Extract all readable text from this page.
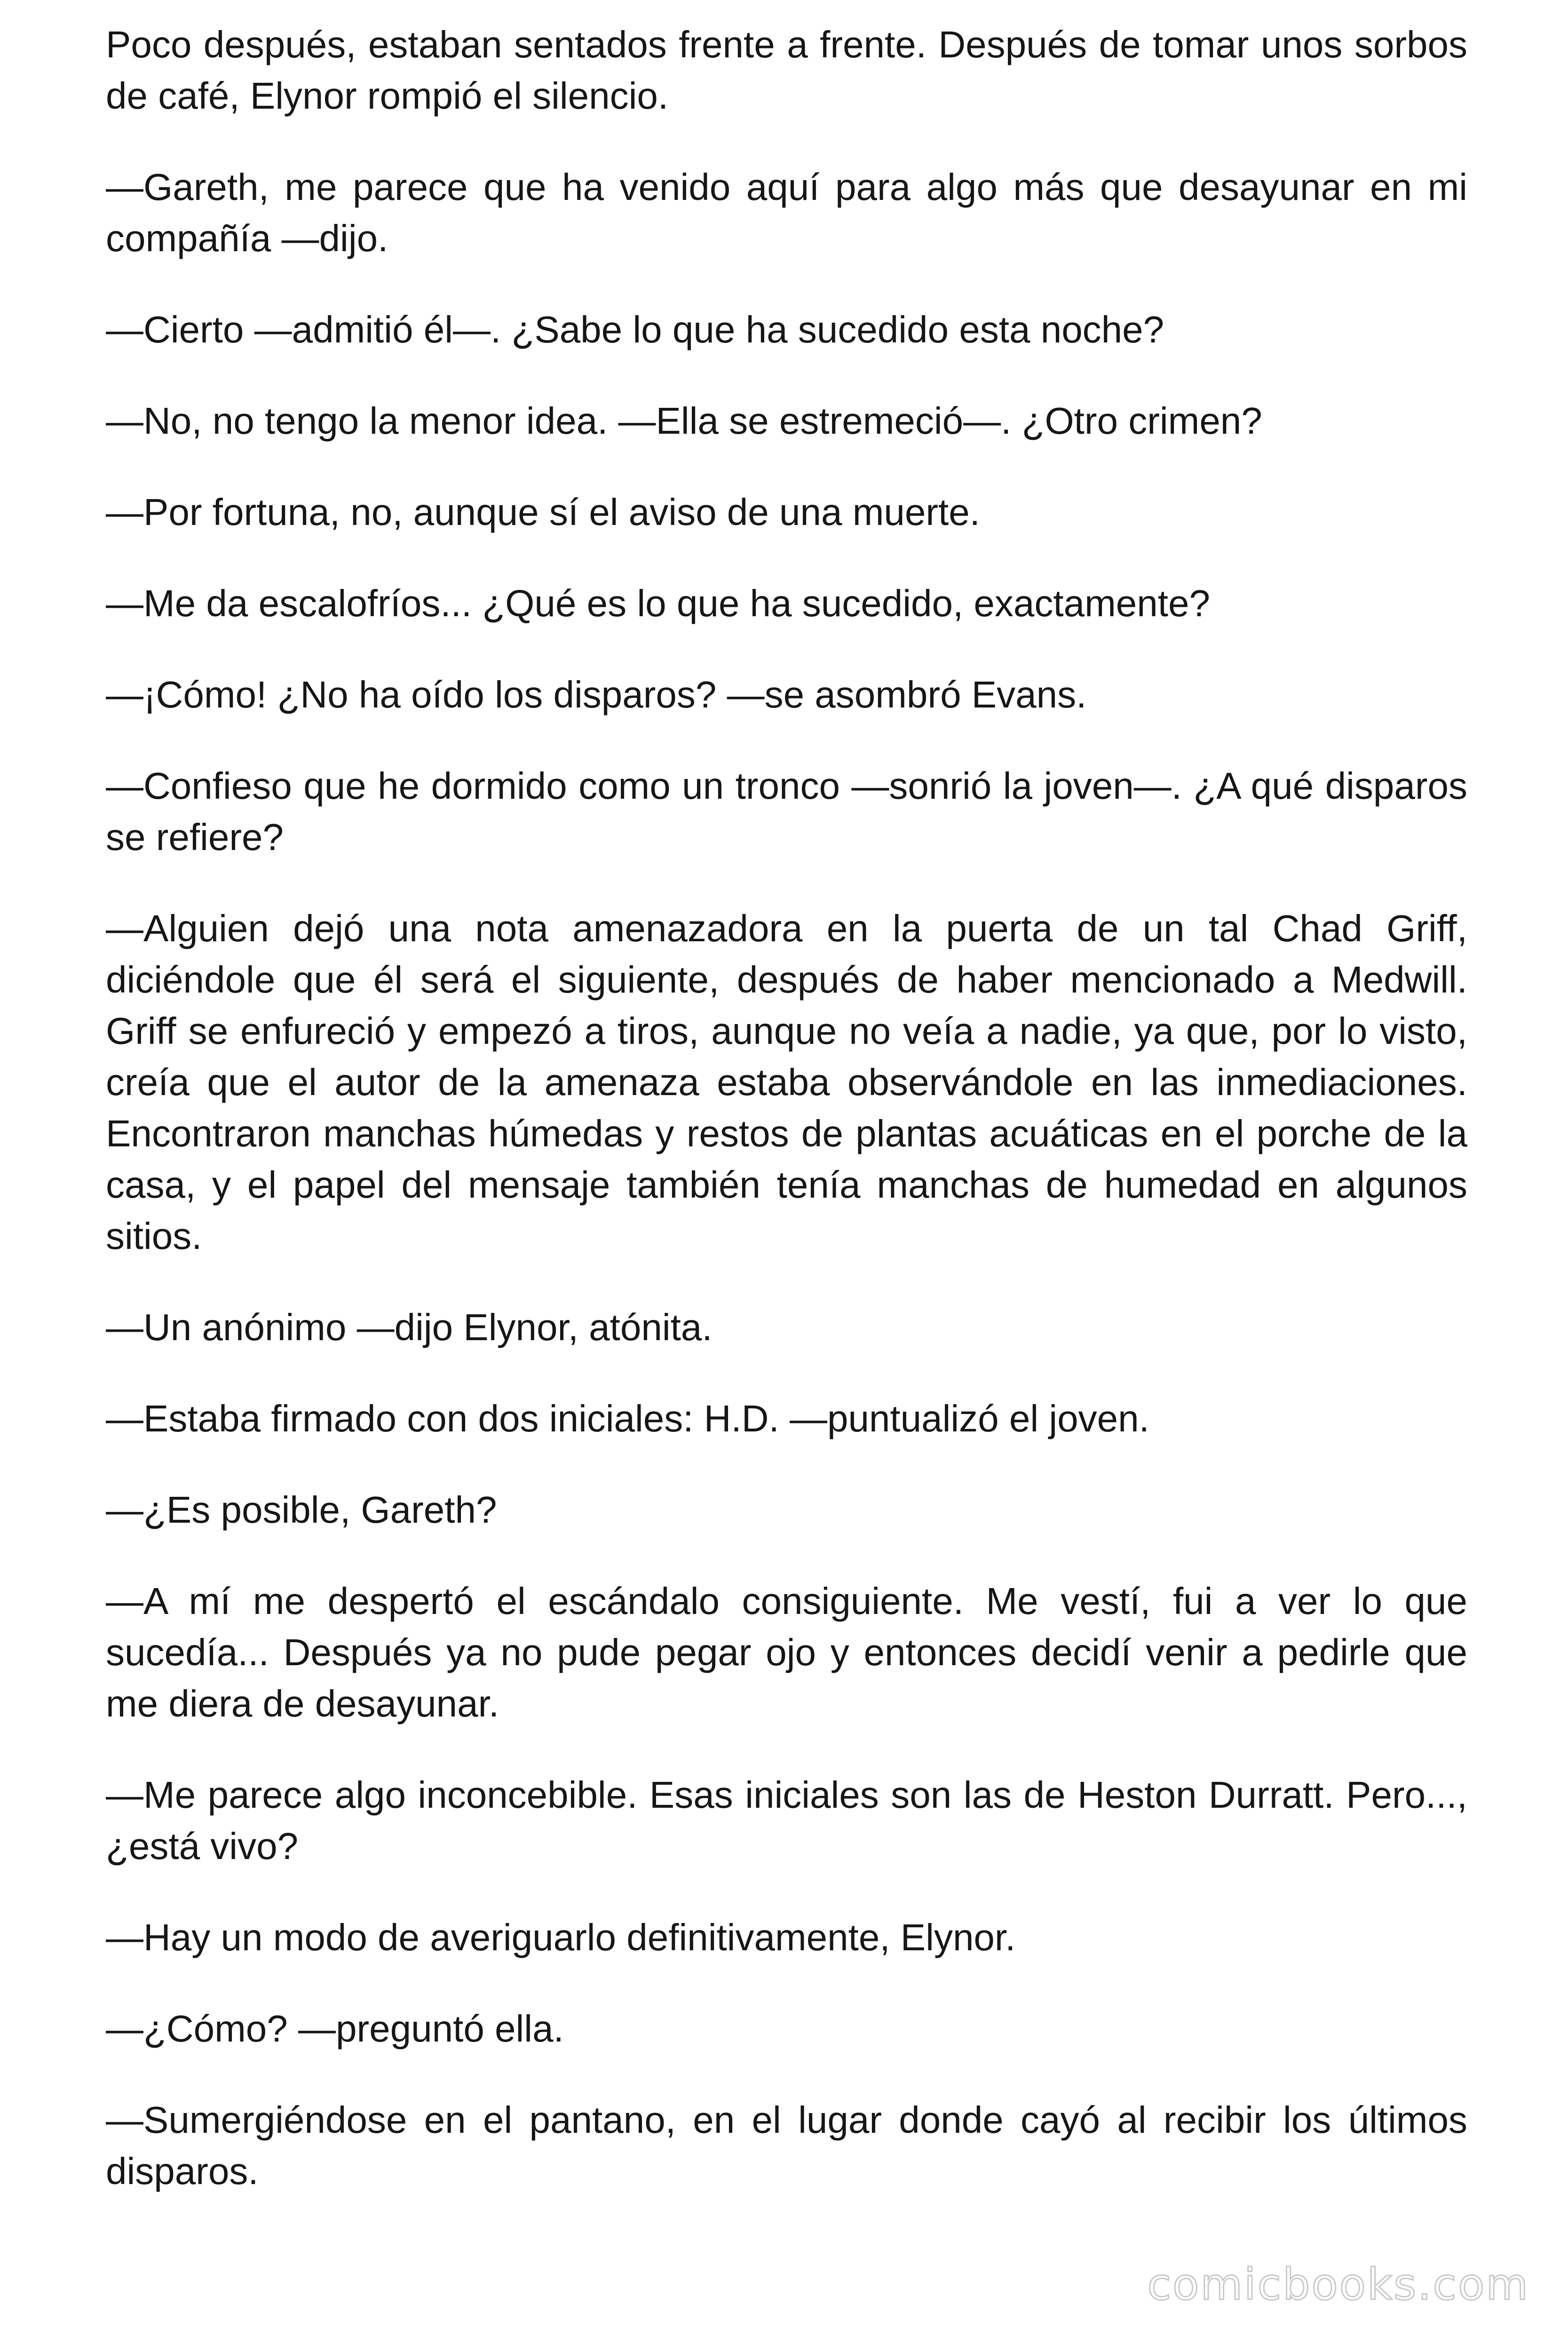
Poco después, estaban sentados frente a frente. Después de tomar unos sorbos de café, Elynor rompió el silencio.

—Gareth, me parece que ha venido aquí para algo más que desayunar en mi compañía —dijo.

—Cierto —admitió él—. ¿Sabe lo que ha sucedido esta noche?

—No, no tengo la menor idea. —Ella se estremeció—. ¿Otro crimen?

—Por fortuna, no, aunque sí el aviso de una muerte.

—Me da escalofríos... ¿Qué es lo que ha sucedido, exactamente?

—¡Cómo! ¿No ha oído los disparos? —se asombró Evans.

—Confieso que he dormido como un tronco —sonrió la joven—. ¿A qué disparos se refiere?

—Alguien dejó una nota amenazadora en la puerta de un tal Chad Griff, diciéndole que él será el siguiente, después de haber mencionado a Medwill. Griff se enfureció y empezó a tiros, aunque no veía a nadie, ya que, por lo visto, creía que el autor de la amenaza estaba observándole en las inmediaciones. Encontraron manchas húmedas y restos de plantas acuáticas en el porche de la casa, y el papel del mensaje también tenía manchas de humedad en algunos sitios.

—Un anónimo —dijo Elynor, atónita.

—Estaba firmado con dos iniciales: H.D. —puntualizó el joven.

—¿Es posible, Gareth?

—A mí me despertó el escándalo consiguiente. Me vestí, fui a ver lo que sucedía... Después ya no pude pegar ojo y entonces decidí venir a pedirle que me diera de desayunar.

—Me parece algo inconcebible. Esas iniciales son las de Heston Durratt. Pero..., ¿está vivo?

—Hay un modo de averiguarlo definitivamente, Elynor.

—¿Cómo? —preguntó ella.

—Sumergiéndose en el pantano, en el lugar donde cayó al recibir los últimos disparos.

comicbooks.com
